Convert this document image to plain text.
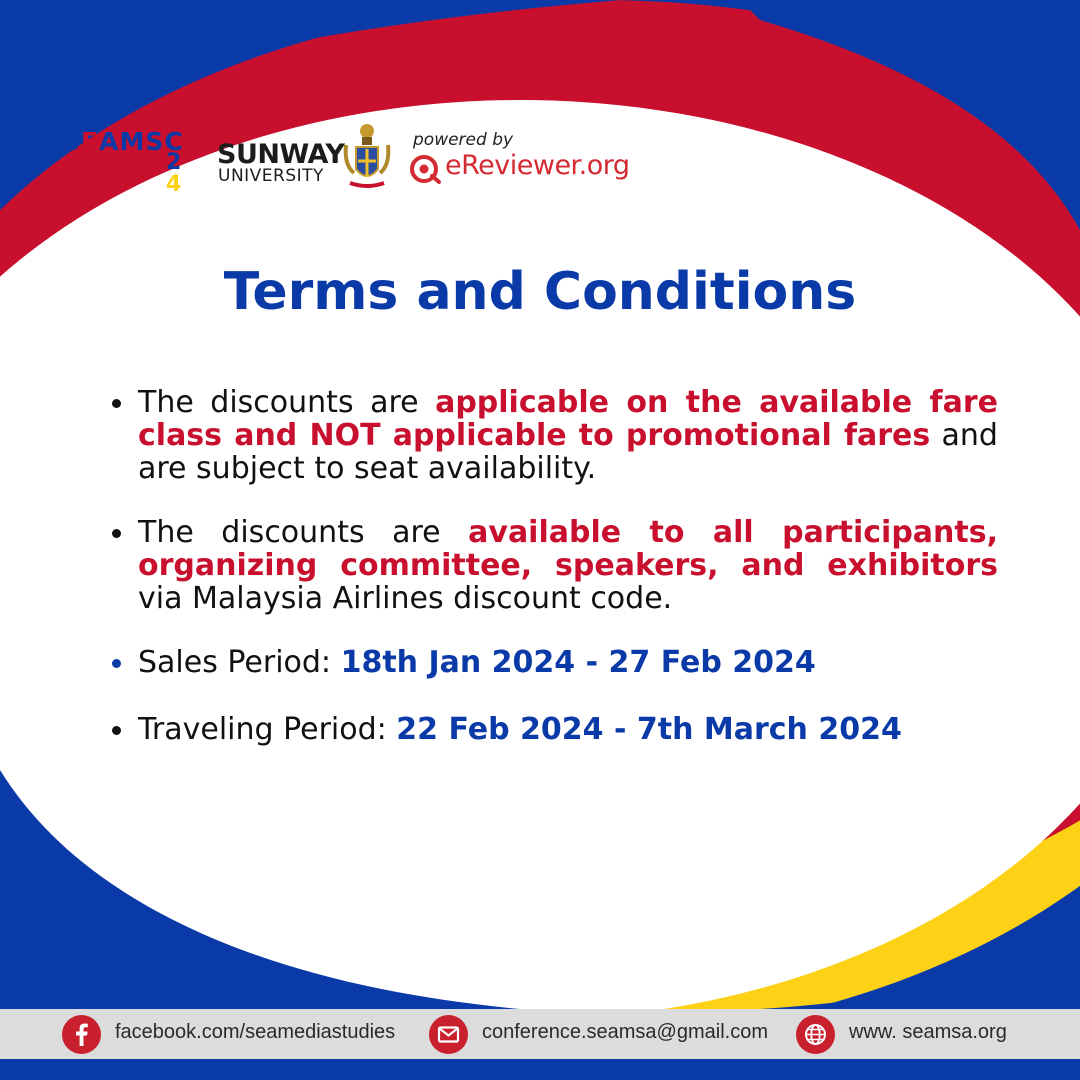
SEAMSC
2
2
4
SUNWAY
UNIVERSITY
powered by
eReviewer.org
Terms and Conditions
The discounts are applicable on the available fare class and NOT applicable to promotional fares and are subject to seat availability.
The discounts are available to all participants, organizing committee, speakers, and exhibitors via Malaysia Airlines discount code.
Sales Period: 18th Jan 2024 - 27 Feb 2024
Traveling Period: 22 Feb 2024 - 7th March 2024
facebook.com/seamediastudies	conference.seamsa@gmail.com	www. seamsa.org
